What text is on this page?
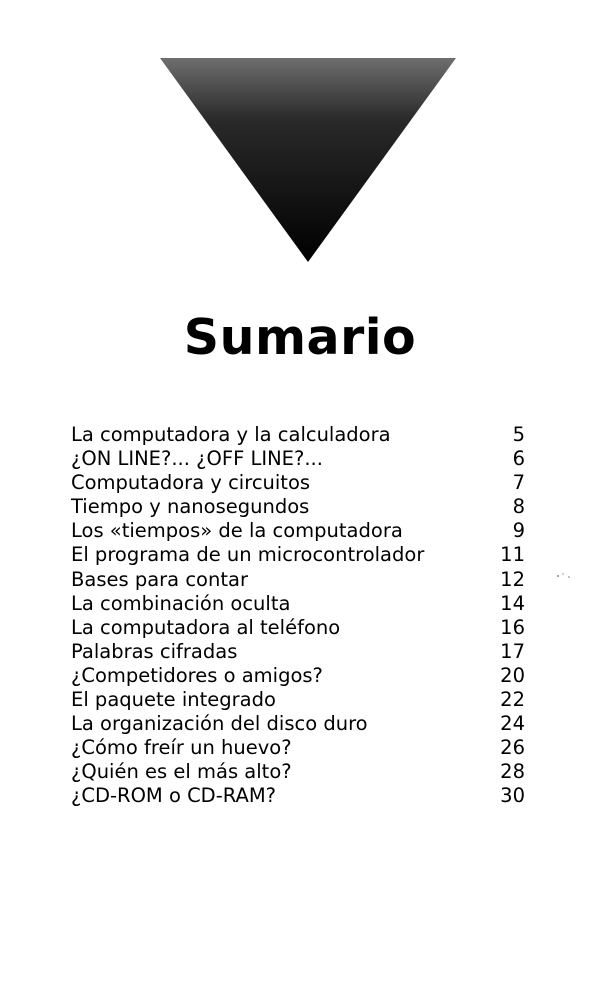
Sumario
La computadora y la calculadora	5
¿ON LINE?... ¿OFF LINE?...	6
Computadora y circuitos	7
Tiempo y nanosegundos	8
Los «tiempos» de la computadora	9
El programa de un microcontrolador	11
Bases para contar	12
La combinación oculta	14
La computadora al teléfono	16
Palabras cifradas	17
¿Competidores o amigos?	20
El paquete integrado	22
La organización del disco duro	24
¿Cómo freír un huevo?	26
¿Quién es el más alto?	28
¿CD-ROM o CD-RAM?	30
